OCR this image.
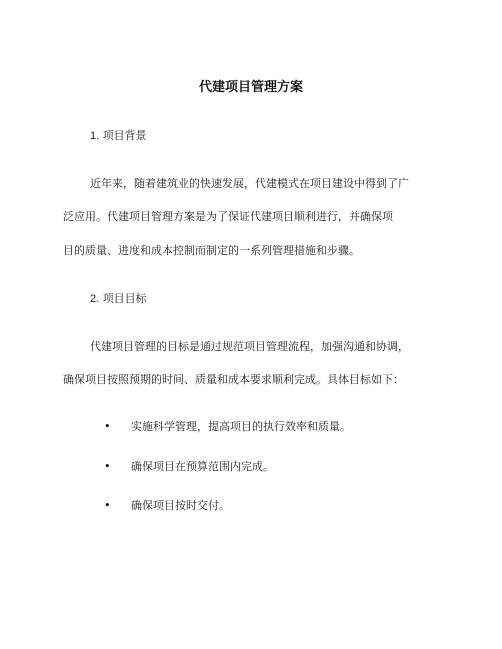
代建项目管理方案
1. 项目背景
近年来，随着建筑业的快速发展，代建模式在项目建设中得到了广
泛应用。代建项目管理方案是为了保证代建项目顺利进行，并确保项
目的质量、进度和成本控制而制定的一系列管理措施和步骤。
2. 项目目标
代建项目管理的目标是通过规范项目管理流程，加强沟通和协调，
确保项目按照预期的时间、质量和成本要求顺利完成。具体目标如下：
• 实施科学管理，提高项目的执行效率和质量。
• 确保项目在预算范围内完成。
• 确保项目按时交付。
